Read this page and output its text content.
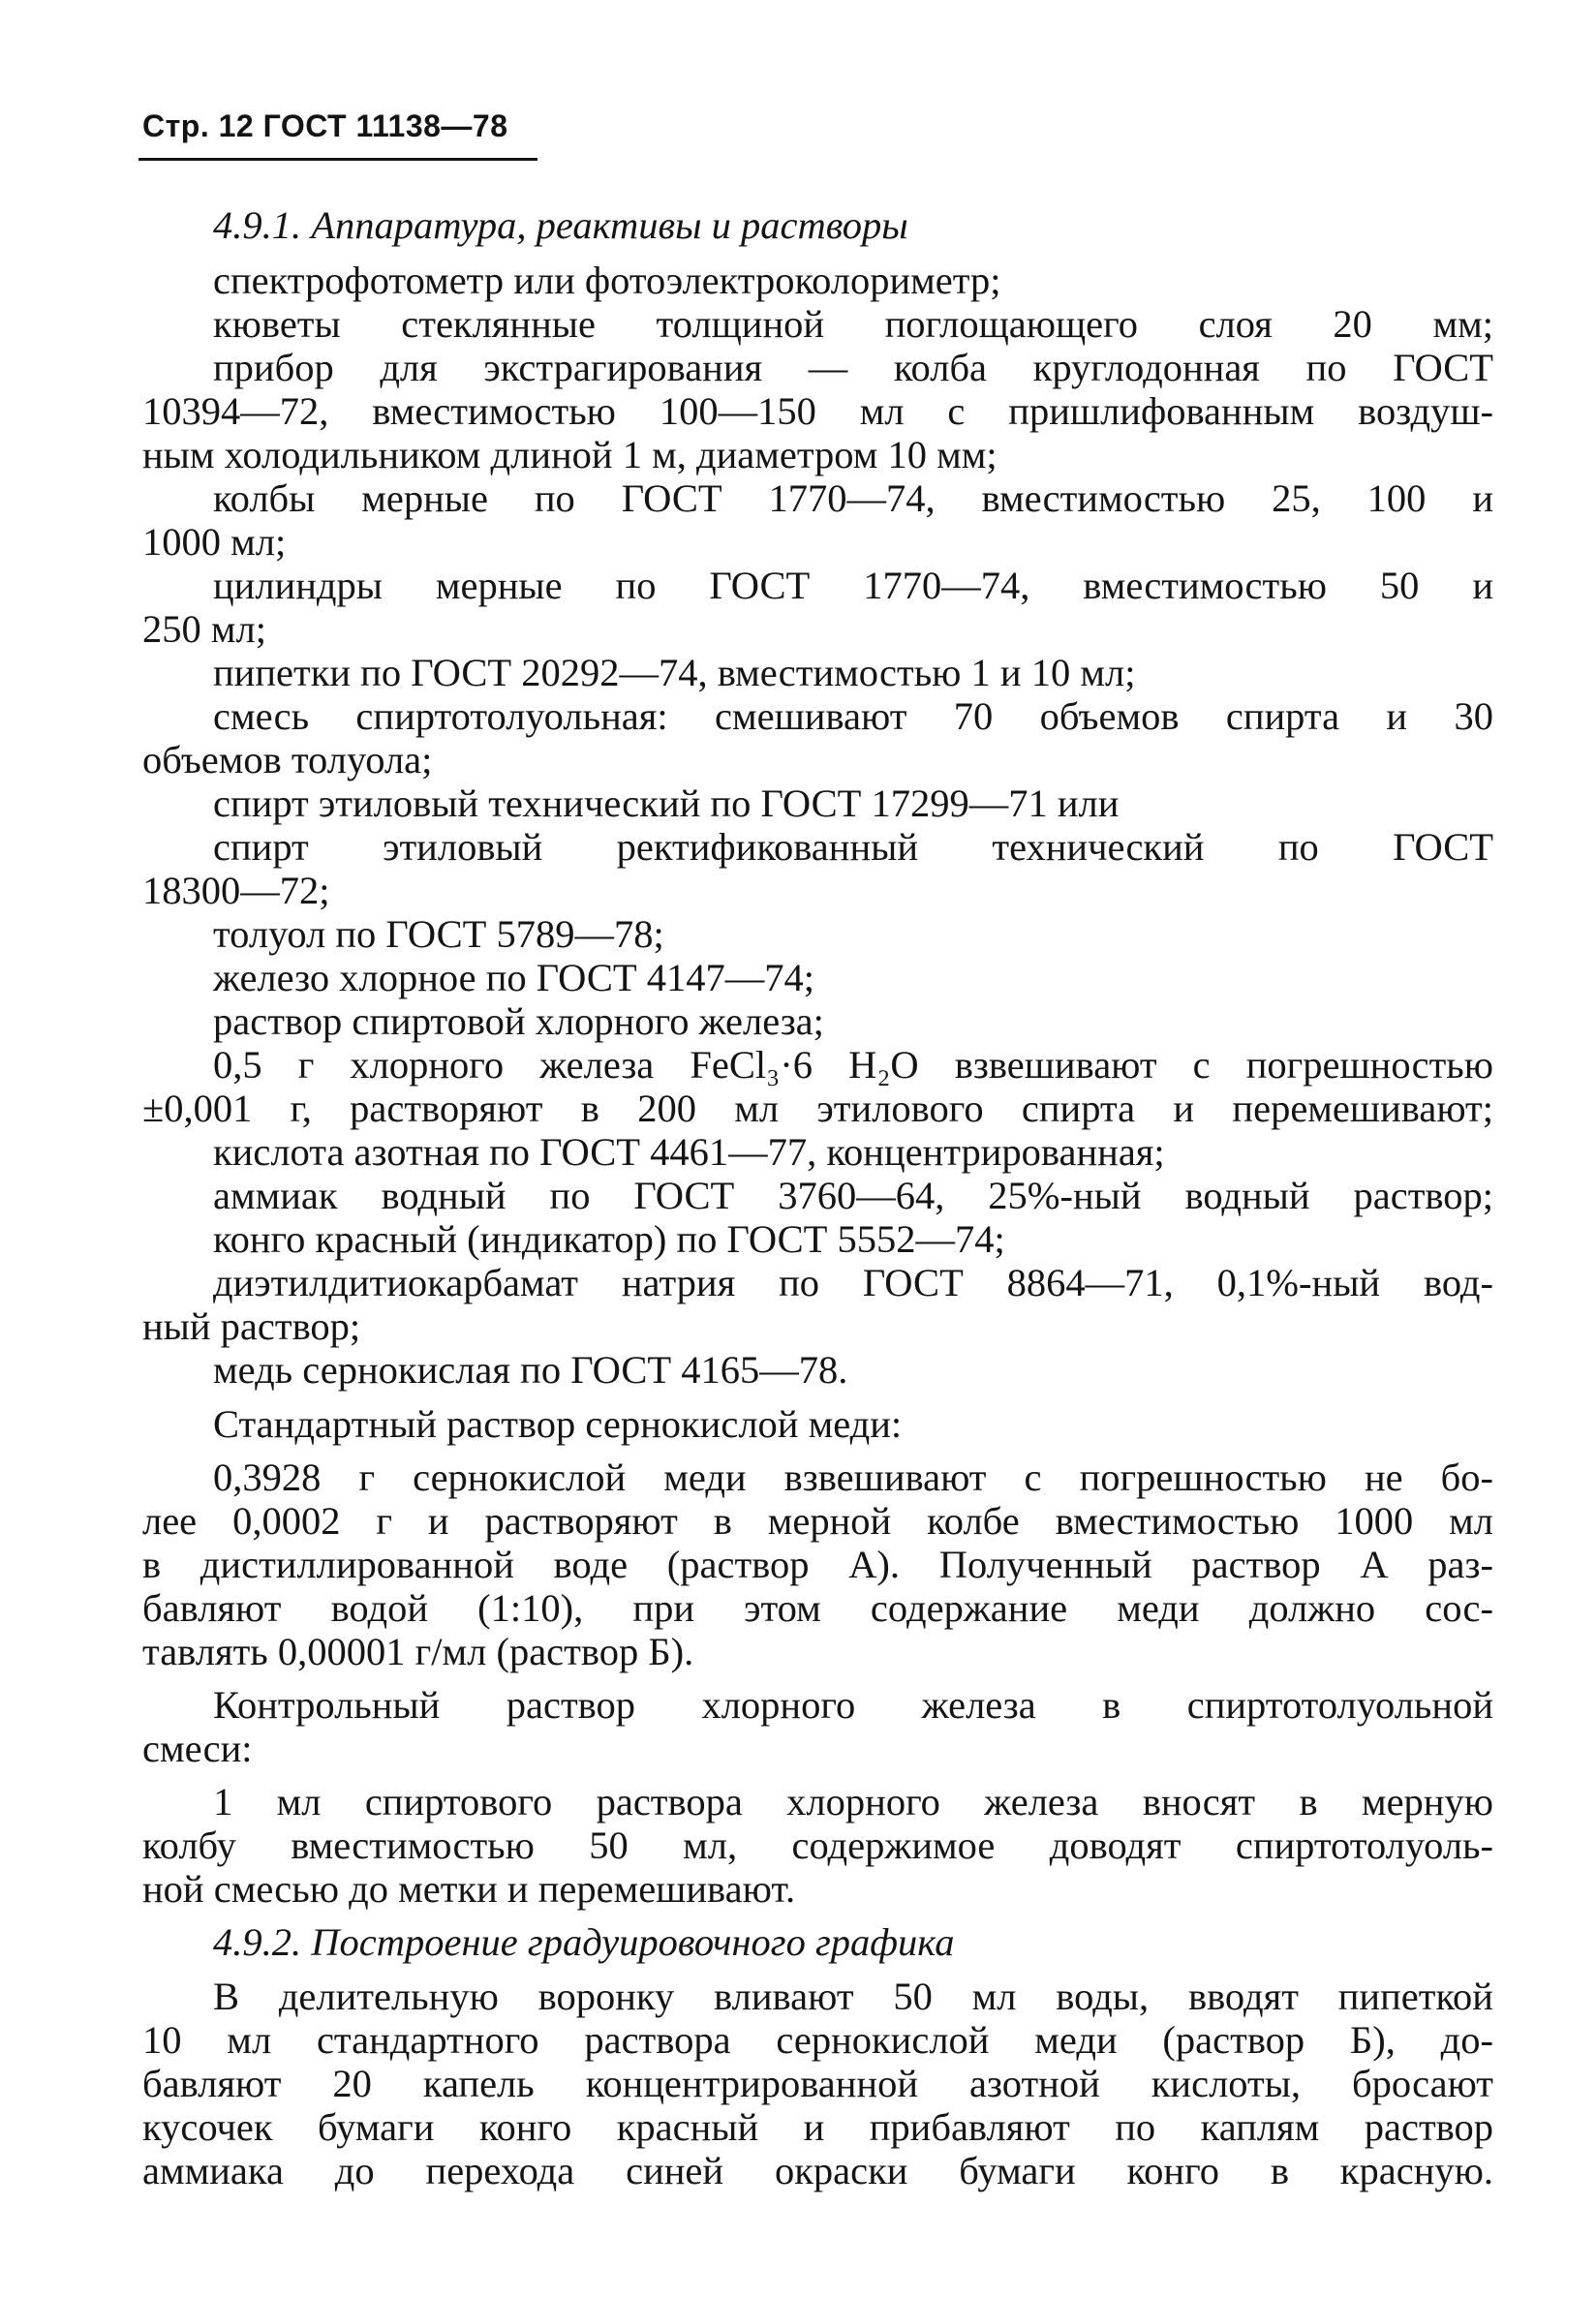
Стр. 12 ГОСТ 11138—78
4.9.1. Аппаратура, реактивы и растворы
спектрофотометр или фотоэлектроколориметр;
кюветы стеклянные толщиной поглощающего слоя 20 мм;
прибор для экстрагирования — колба круглодонная по ГОСТ
10394—72, вместимостью 100—150 мл с пришлифованным воздуш-
ным холодильником длиной 1 м, диаметром 10 мм;
колбы мерные по ГОСТ 1770—74, вместимостью 25, 100 и
1000 мл;
цилиндры мерные по ГОСТ 1770—74, вместимостью 50 и
250 мл;
пипетки по ГОСТ 20292—74, вместимостью 1 и 10 мл;
смесь спиртотолуольная: смешивают 70 объемов спирта и 30
объемов толуола;
спирт этиловый технический по ГОСТ 17299—71 или
спирт этиловый ректификованный технический по ГОСТ
18300—72;
толуол по ГОСТ 5789—78;
железо хлорное по ГОСТ 4147—74;
раствор спиртовой хлорного железа;
0,5 г хлорного железа FeCl₃·6 H₂O взвешивают с погрешностью
±0,001 г, растворяют в 200 мл этилового спирта и перемешивают;
кислота азотная по ГОСТ 4461—77, концентрированная;
аммиак водный по ГОСТ 3760—64, 25%-ный водный раствор;
конго красный (индикатор) по ГОСТ 5552—74;
диэтилдитиокарбамат натрия по ГОСТ 8864—71, 0,1%-ный вод-
ный раствор;
медь сернокислая по ГОСТ 4165—78.
Стандартный раствор сернокислой меди:
0,3928 г сернокислой меди взвешивают с погрешностью не бо-
лее 0,0002 г и растворяют в мерной колбе вместимостью 1000 мл
в дистиллированной воде (раствор А). Полученный раствор А раз-
бавляют водой (1:10), при этом содержание меди должно сос-
тавлять 0,00001 г/мл (раствор Б).
Контрольный раствор хлорного железа в спиртотолуольной
смеси:
1 мл спиртового раствора хлорного железа вносят в мерную
колбу вместимостью 50 мл, содержимое доводят спиртотолуоль-
ной смесью до метки и перемешивают.
4.9.2. Построение градуировочного графика
В делительную воронку вливают 50 мл воды, вводят пипеткой
10 мл стандартного раствора сернокислой меди (раствор Б), до-
бавляют 20 капель концентрированной азотной кислоты, бросают
кусочек бумаги конго красный и прибавляют по каплям раствор
аммиака до перехода синей окраски бумаги конго в красную.
